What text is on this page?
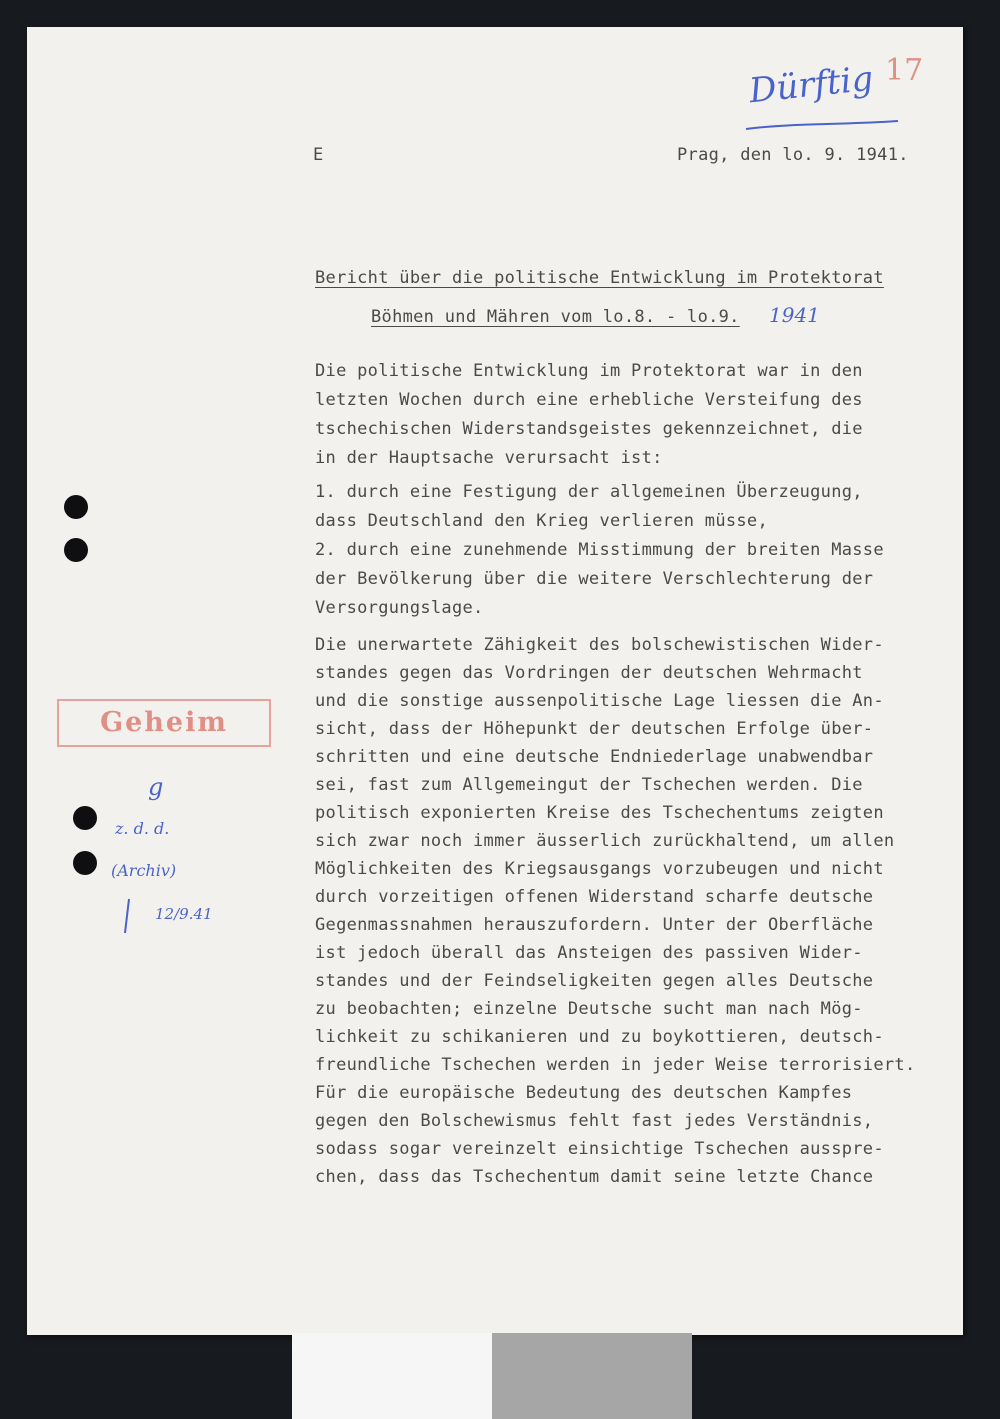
Dürftig 17
E	Prag, den lo. 9. 1941.
Bericht über die politische Entwicklung im Protektorat
Böhmen und Mähren vom lo.8. - lo.9. 1941

Die politische Entwicklung im Protektorat war in den

letzten Wochen durch eine erhebliche Versteifung des

tschechischen Widerstandsgeistes gekennzeichnet, die

in der Hauptsache verursacht ist:

1. durch eine Festigung der allgemeinen Überzeugung,

dass Deutschland den Krieg verlieren müsse,

2. durch eine zunehmende Misstimmung der breiten Masse

der Bevölkerung über die weitere Verschlechterung der

Versorgungslage.

Die unerwartete Zähigkeit des bolschewistischen Wider-

standes gegen das Vordringen der deutschen Wehrmacht

und die sonstige aussenpolitische Lage liessen die An-

sicht, dass der Höhepunkt der deutschen Erfolge über-

schritten und eine deutsche Endniederlage unabwendbar

sei, fast zum Allgemeingut der Tschechen werden. Die

politisch exponierten Kreise des Tschechentums zeigten

sich zwar noch immer äusserlich zurückhaltend, um allen

Möglichkeiten des Kriegsausgangs vorzubeugen und nicht

durch vorzeitigen offenen Widerstand scharfe deutsche

Gegenmassnahmen herauszufordern. Unter der Oberfläche

ist jedoch überall das Ansteigen des passiven Wider-

standes und der Feindseligkeiten gegen alles Deutsche

zu beobachten; einzelne Deutsche sucht man nach Mög-

lichkeit zu schikanieren und zu boykottieren, deutsch-

freundliche Tschechen werden in jeder Weise terrorisiert.

Für die europäische Bedeutung des deutschen Kampfes

gegen den Bolschewismus fehlt fast jedes Verständnis,

sodass sogar vereinzelt einsichtige Tschechen ausspre-

chen, dass das Tschechentum damit seine letzte Chance

Geheim
g
z. d. d.
(Archiv)
12/9.41
